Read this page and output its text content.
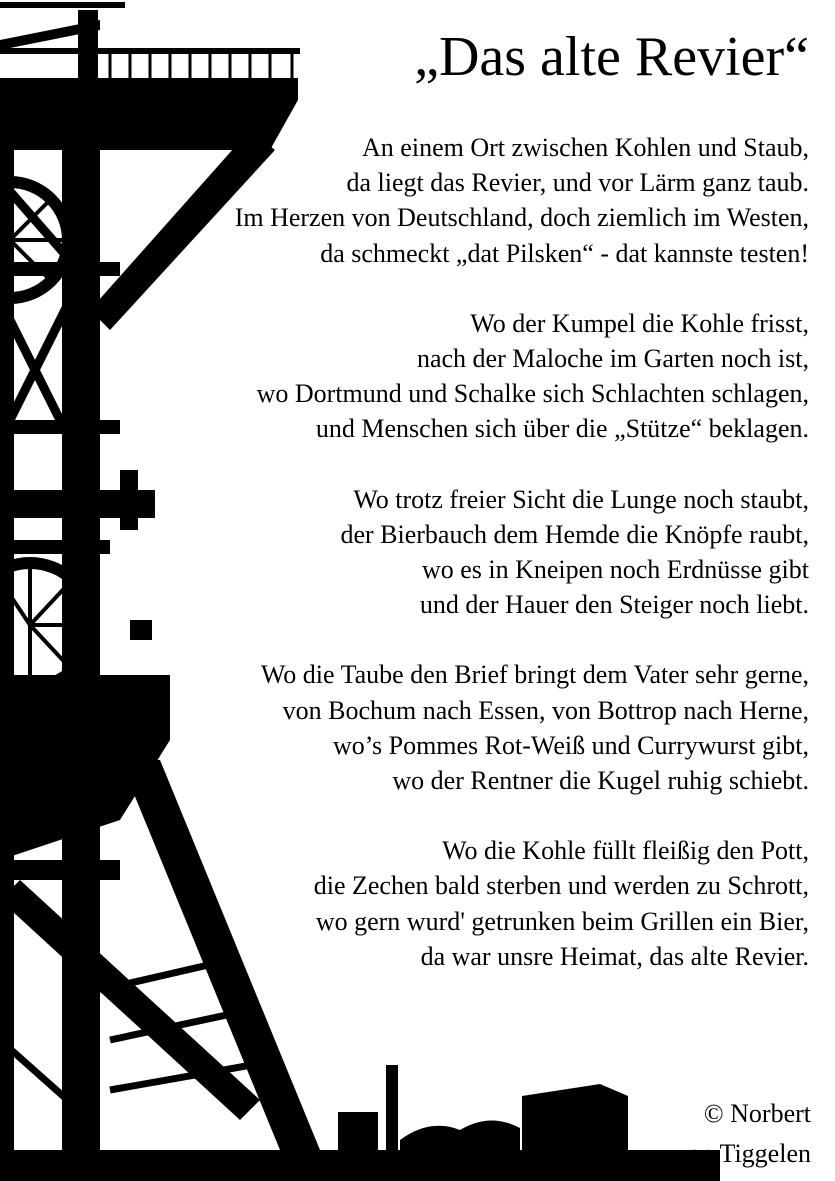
„Das alte Revier“
An einem Ort zwischen Kohlen und Staub,
da liegt das Revier, und vor Lärm ganz taub.
Im Herzen von Deutschland, doch ziemlich im Westen,
da schmeckt „dat Pilsken“ - dat kannste testen!
Wo der Kumpel die Kohle frisst,
nach der Maloche im Garten noch ist,
wo Dortmund und Schalke sich Schlachten schlagen,
und Menschen sich über die „Stütze“ beklagen.
Wo trotz freier Sicht die Lunge noch staubt,
der Bierbauch dem Hemde die Knöpfe raubt,
wo es in Kneipen noch Erdnüsse gibt
und der Hauer den Steiger noch liebt.
Wo die Taube den Brief bringt dem Vater sehr gerne,
von Bochum nach Essen, von Bottrop nach Herne,
wo’s Pommes Rot-Weiß und Currywurst gibt,
wo der Rentner die Kugel ruhig schiebt.
Wo die Kohle füllt fleißig den Pott,
die Zechen bald sterben und werden zu Schrott,
wo gern wurd' getrunken beim Grillen ein Bier,
da war unsre Heimat, das alte Revier.
© Norbert
van Tiggelen
